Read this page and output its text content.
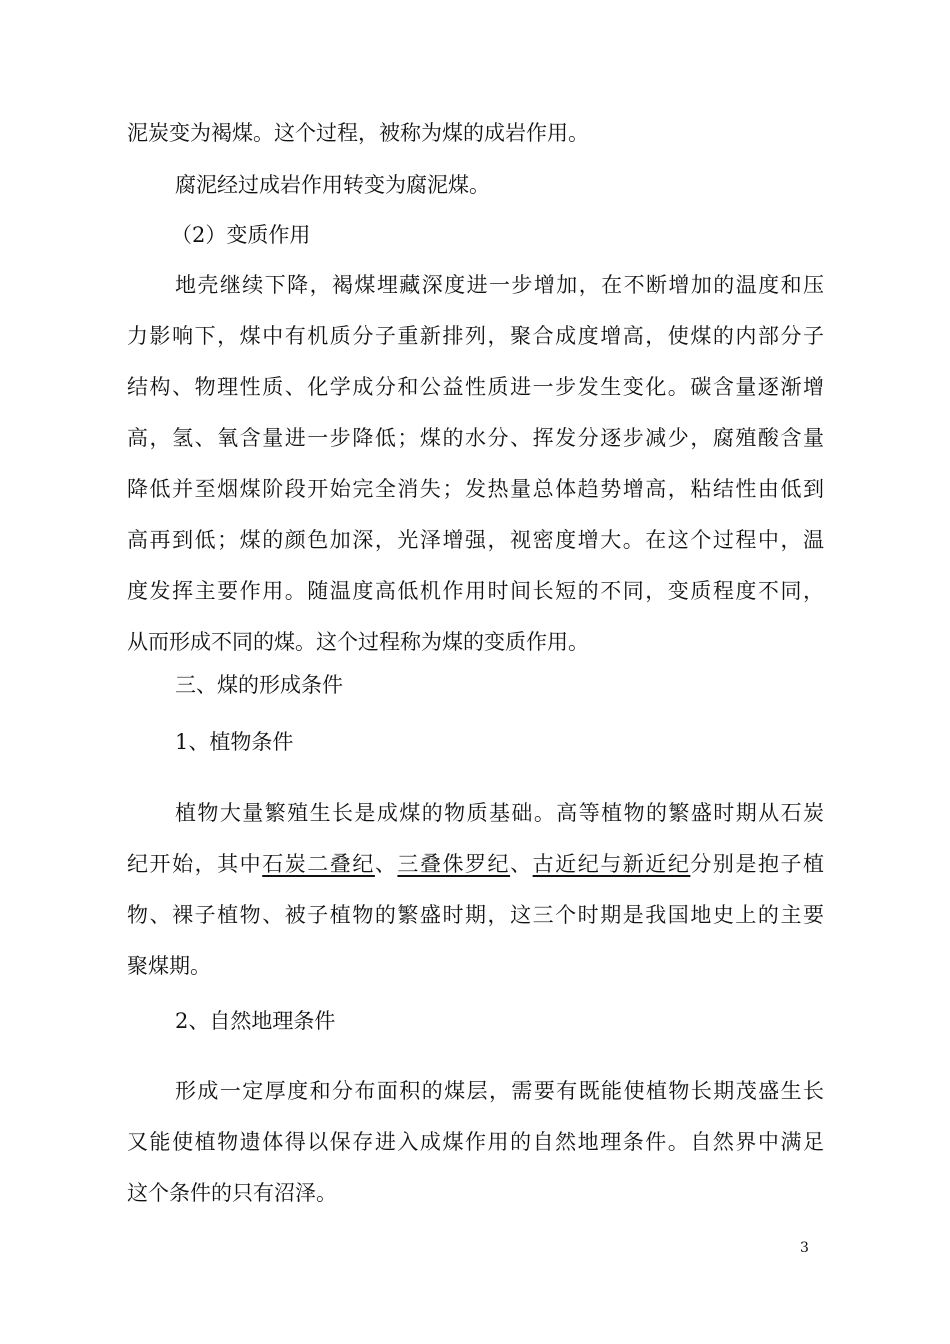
泥炭变为褐煤。这个过程，被称为煤的成岩作用。
腐泥经过成岩作用转变为腐泥煤。
（2）变质作用
地壳继续下降，褐煤埋藏深度进一步增加，在不断增加的温度和压
力影响下，煤中有机质分子重新排列，聚合成度增高，使煤的内部分子
结构、物理性质、化学成分和公益性质进一步发生变化。碳含量逐渐增
高，氢、氧含量进一步降低；煤的水分、挥发分逐步减少，腐殖酸含量
降低并至烟煤阶段开始完全消失；发热量总体趋势增高，粘结性由低到
高再到低；煤的颜色加深，光泽增强，视密度增大。在这个过程中，温
度发挥主要作用。随温度高低机作用时间长短的不同，变质程度不同，
从而形成不同的煤。这个过程称为煤的变质作用。
三、煤的形成条件
1、植物条件
植物大量繁殖生长是成煤的物质基础。高等植物的繁盛时期从石炭
纪开始，其中石炭二叠纪、三叠侏罗纪、古近纪与新近纪分别是抱子植
物、裸子植物、被子植物的繁盛时期，这三个时期是我国地史上的主要
聚煤期。
2、自然地理条件
形成一定厚度和分布面积的煤层，需要有既能使植物长期茂盛生长
又能使植物遗体得以保存进入成煤作用的自然地理条件。自然界中满足
这个条件的只有沼泽。
3
